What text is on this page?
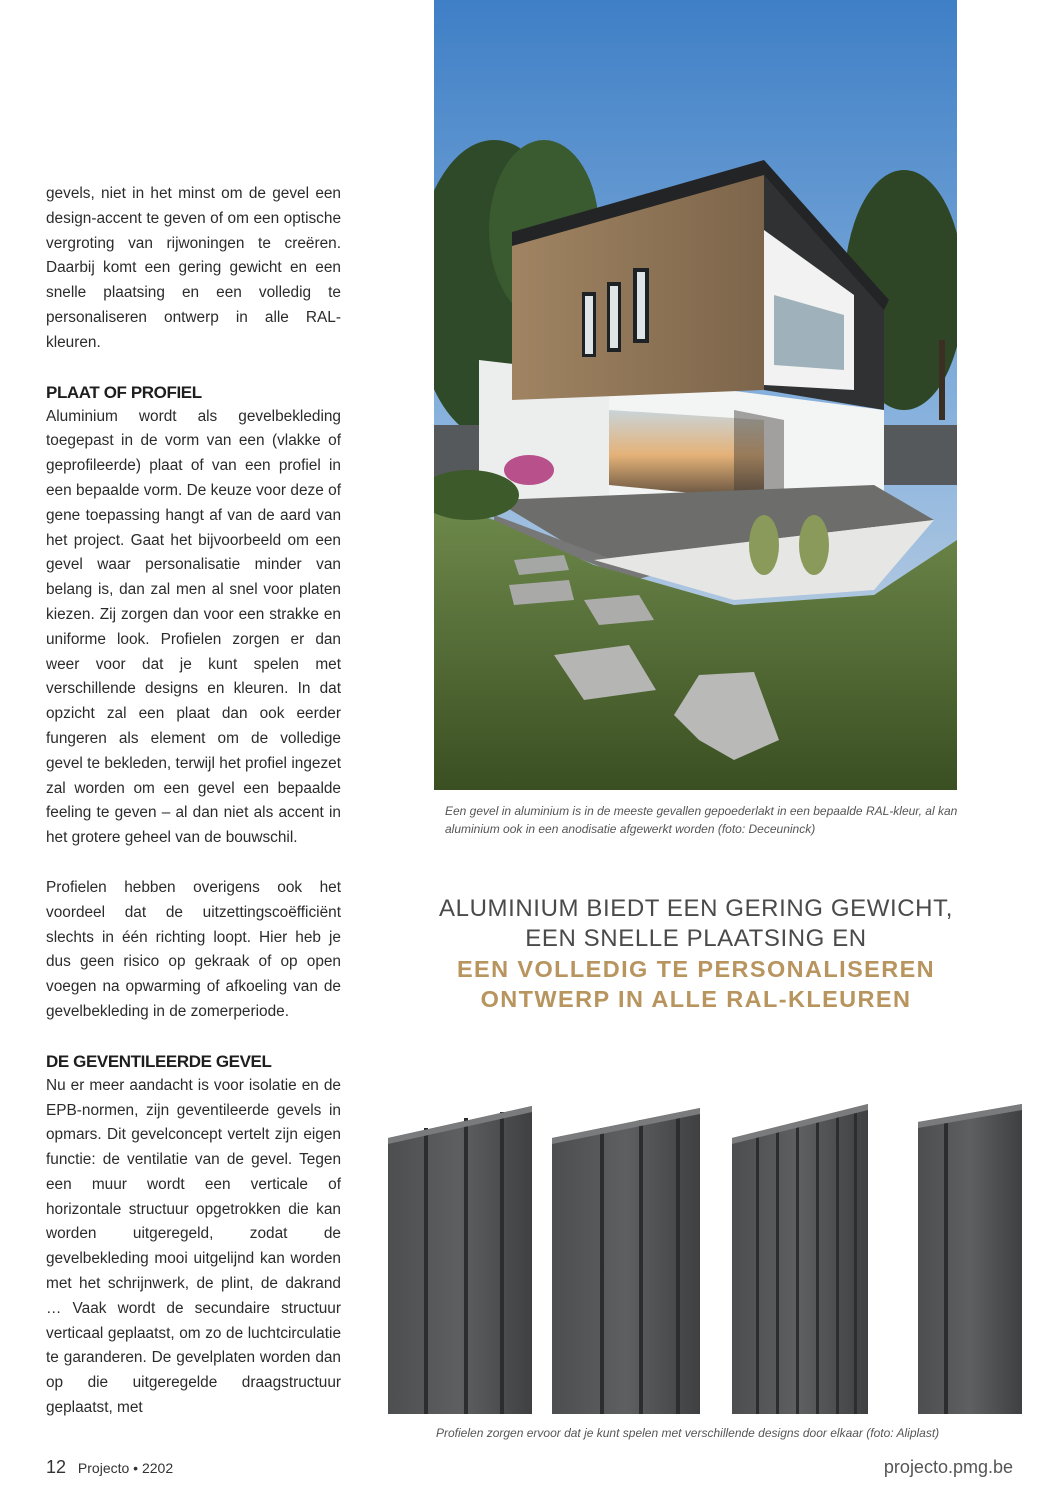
gevels, niet in het minst om de gevel een design-accent te geven of om een optische vergroting van rijwoningen te creëren. Daarbij komt een gering gewicht en een snelle plaatsing en een volledig te personaliseren ontwerp in alle RAL-kleuren.

PLAAT OF PROFIEL

Aluminium wordt als gevelbekleding toegepast in de vorm van een (vlakke of geprofileerde) plaat of van een profiel in een bepaalde vorm. De keuze voor deze of gene toepassing hangt af van de aard van het project. Gaat het bijvoorbeeld om een gevel waar personalisatie minder van belang is, dan zal men al snel voor platen kiezen. Zij zorgen dan voor een strakke en uniforme look. Profielen zorgen er dan weer voor dat je kunt spelen met verschillende designs en kleuren. In dat opzicht zal een plaat dan ook eerder fungeren als element om de volledige gevel te bekleden, terwijl het profiel ingezet zal worden om een gevel een bepaalde feeling te geven – al dan niet als accent in het grotere geheel van de bouwschil.

Profielen hebben overigens ook het voordeel dat de uitzettingscoëfficiënt slechts in één richting loopt. Hier heb je dus geen risico op gekraak of op open voegen na opwarming of afkoeling van de gevelbekleding in de zomerperiode.

DE GEVENTILEERDE GEVEL

Nu er meer aandacht is voor isolatie en de EPB-normen, zijn geventileerde gevels in opmars. Dit gevelconcept vertelt zijn eigen functie: de ventilatie van de gevel. Tegen een muur wordt een verticale of horizontale structuur opgetrokken die kan worden uitgeregeld, zodat de gevelbekleding mooi uitgelijnd kan worden met het schrijnwerk, de plint, de dakrand … Vaak wordt de secundaire structuur verticaal geplaatst, om zo de luchtcirculatie te garanderen. De gevelplaten worden dan op die uitgeregelde draagstructuur geplaatst, met

Een gevel in aluminium is in de meeste gevallen gepoederlakt in een bepaalde RAL-kleur, al kan aluminium ook in een anodisatie afgewerkt worden (foto: Deceuninck)

ALUMINIUM BIEDT EEN GERING GEWICHT,
EEN SNELLE PLAATSING EN
EEN VOLLEDIG TE PERSONALISEREN
ONTWERP IN ALLE RAL-KLEUREN

Profielen zorgen ervoor dat je kunt spelen met verschillende designs door elkaar (foto: Aliplast)

12 Projecto • 2202	projecto.pmg.be
